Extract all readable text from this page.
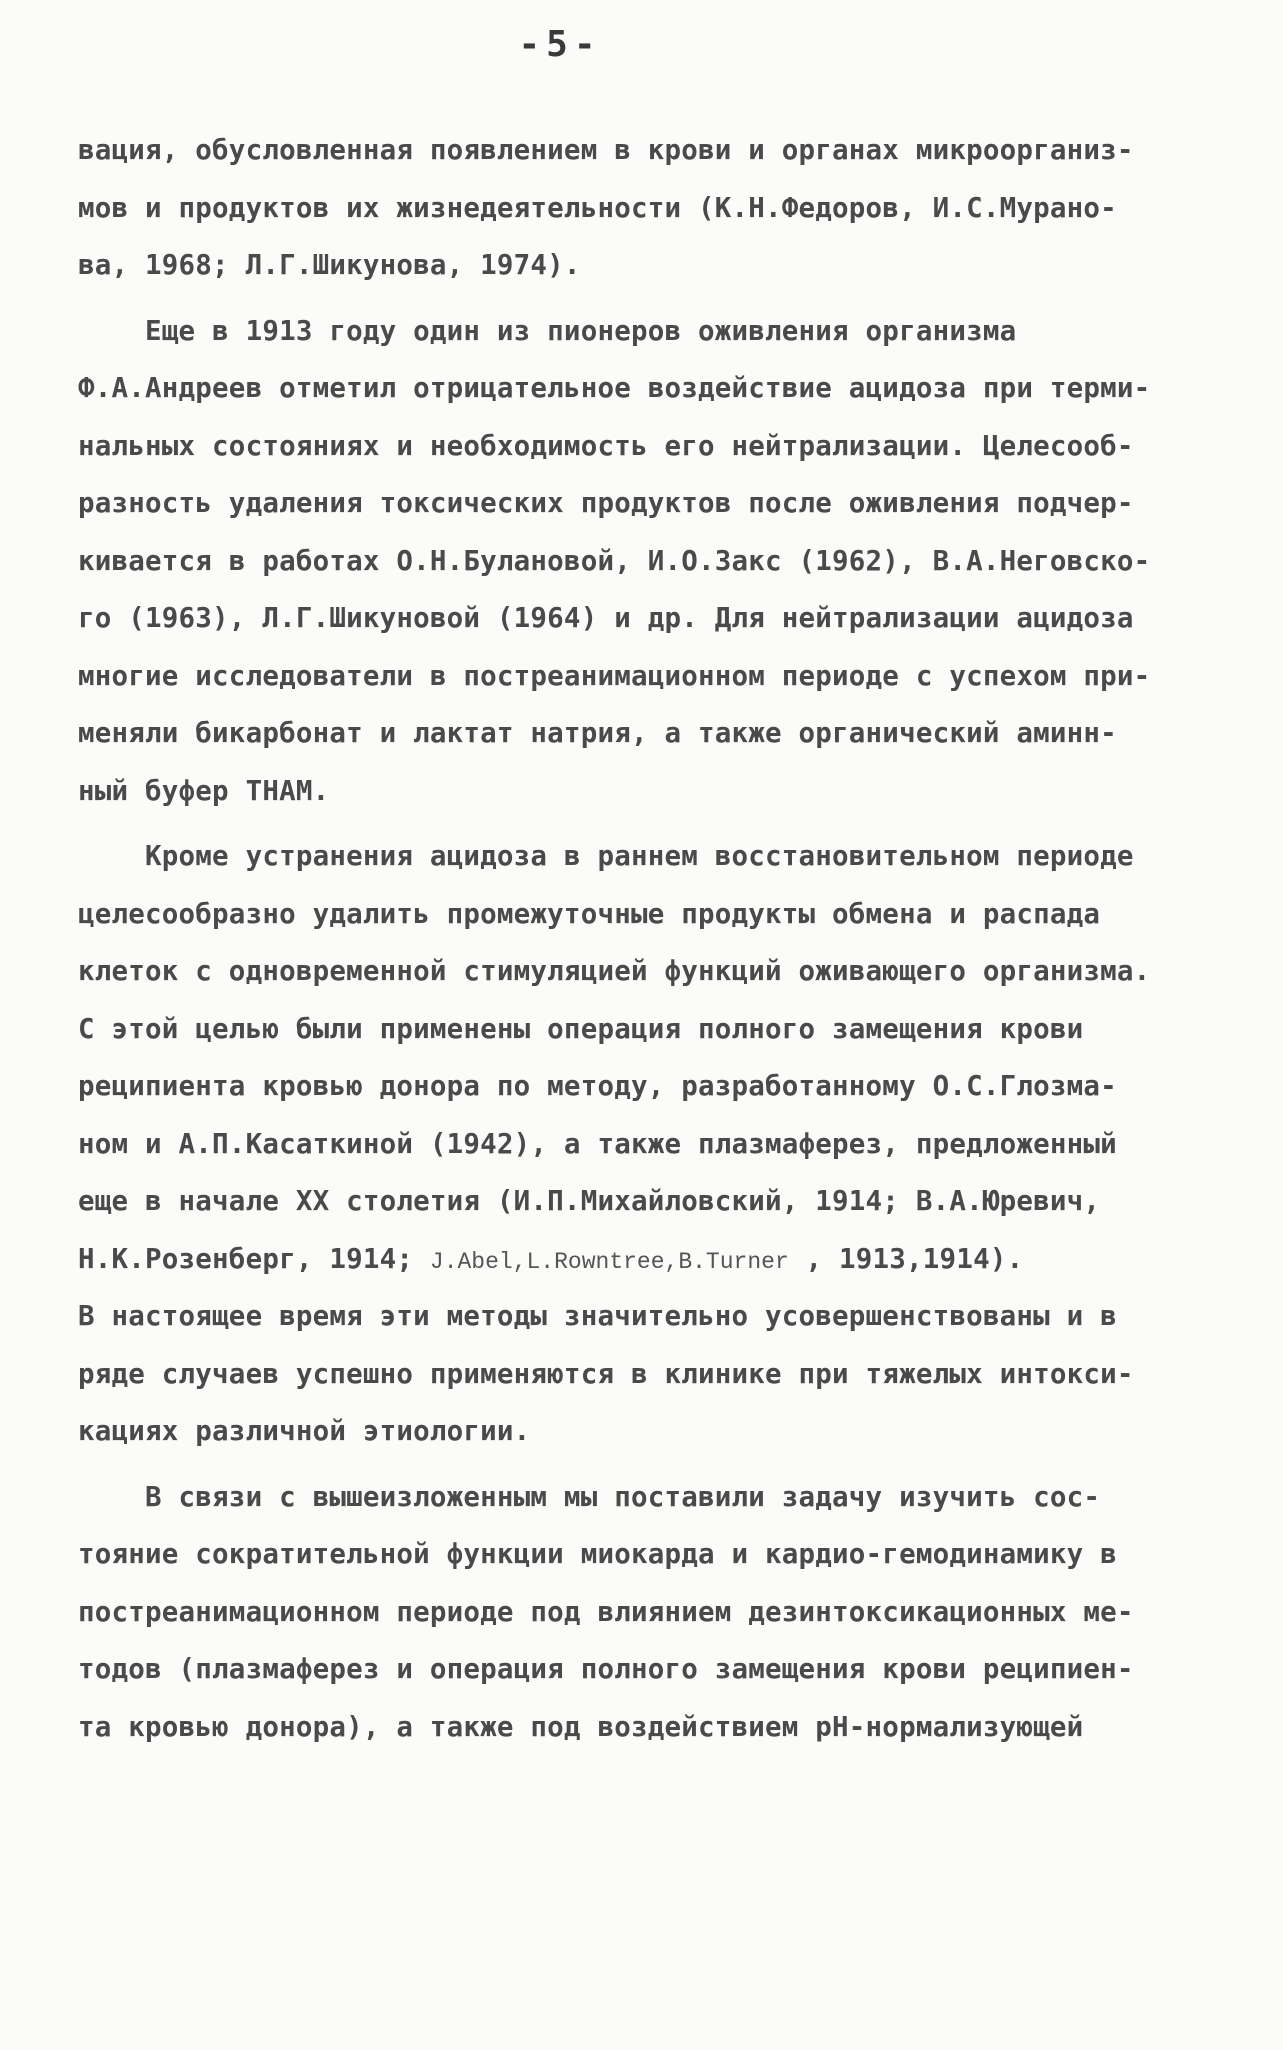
-5-
вация, обусловленная появлением в крови и органах микроорганиз-
мов и продуктов их жизнедеятельности (К.Н.Федоров, И.С.Мурано-
ва, 1968; Л.Г.Шикунова, 1974).
Еще в 1913 году один из пионеров оживления организма
Ф.А.Андреев отметил отрицательное воздействие ацидоза при терми-
нальных состояниях и необходимость его нейтрализации. Целесооб-
разность удаления токсических продуктов после оживления подчер-
кивается в работах О.Н.Булановой, И.О.Закс (1962), В.А.Неговско-
го (1963), Л.Г.Шикуновой (1964) и др. Для нейтрализации ацидоза
многие исследователи в постреанимационном периоде с успехом при-
меняли бикарбонат и лактат натрия, а также органический аминн-
ный буфер ТНАМ.
Кроме устранения ацидоза в раннем восстановительном периоде
целесообразно удалить промежуточные продукты обмена и распада
клеток с одновременной стимуляцией функций оживающего организма.
С этой целью были применены операция полного замещения крови
реципиента кровью донора по методу, разработанному О.С.Глозма-
ном и А.П.Касаткиной (1942), а также плазмаферез, предложенный
еще в начале XX столетия (И.П.Михайловский, 1914; В.А.Юревич,
Н.К.Розенберг, 1914; J.Abel,L.Rowntree,B.Turner , 1913,1914).
В настоящее время эти методы значительно усовершенствованы и в
ряде случаев успешно применяются в клинике при тяжелых интокси-
кациях различной этиологии.
В связи с вышеизложенным мы поставили задачу изучить сос-
тояние сократительной функции миокарда и кардио-гемодинамику в
постреанимационном периоде под влиянием дезинтоксикационных ме-
тодов (плазмаферез и операция полного замещения крови реципиен-
та кровью донора), а также под воздействием pH-нормализующей
